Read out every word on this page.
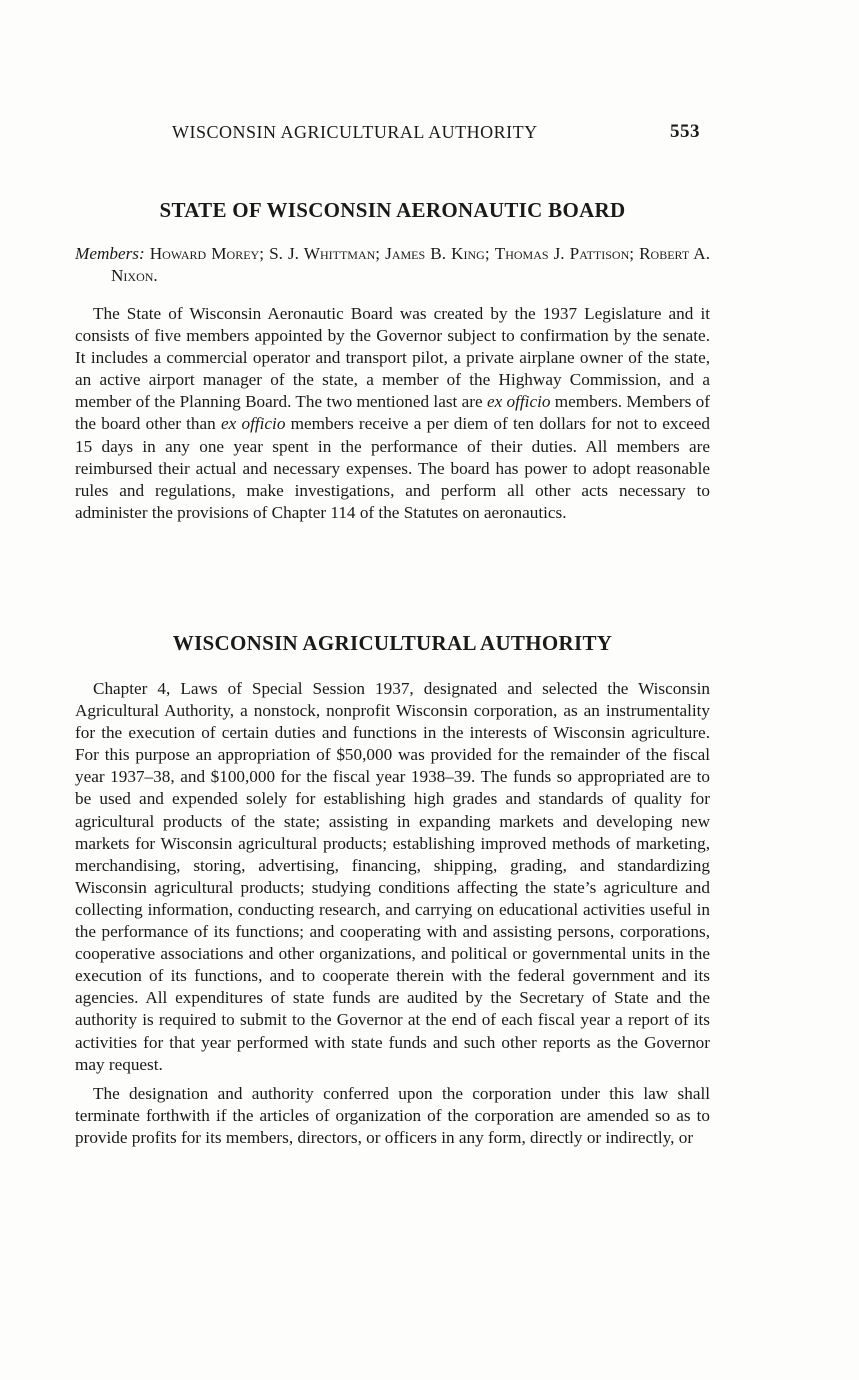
WISCONSIN AGRICULTURAL AUTHORITY	553
STATE OF WISCONSIN AERONAUTIC BOARD
Members: Howard Morey; S. J. Whittman; James B. King; Thomas J. Pattison; Robert A. Nixon.

The State of Wisconsin Aeronautic Board was created by the 1937 Legislature and it consists of five members appointed by the Governor subject to confirmation by the senate. It includes a commercial operator and transport pilot, a private airplane owner of the state, an active airport manager of the state, a member of the Highway Commission, and a member of the Planning Board. The two mentioned last are ex officio members. Members of the board other than ex officio members receive a per diem of ten dollars for not to exceed 15 days in any one year spent in the performance of their duties. All members are reimbursed their actual and necessary expenses. The board has power to adopt reasonable rules and regulations, make investigations, and perform all other acts necessary to administer the provisions of Chapter 114 of the Statutes on aeronautics.

WISCONSIN AGRICULTURAL AUTHORITY

Chapter 4, Laws of Special Session 1937, designated and selected the Wisconsin Agricultural Authority, a nonstock, nonprofit Wisconsin corporation, as an instrumentality for the execution of certain duties and functions in the interests of Wisconsin agriculture. For this purpose an appropriation of $50,000 was provided for the remainder of the fiscal year 1937–38, and $100,000 for the fiscal year 1938–39. The funds so appropriated are to be used and expended solely for establishing high grades and standards of quality for agricultural products of the state; assisting in expanding markets and developing new markets for Wisconsin agricultural products; establishing improved methods of marketing, merchandising, storing, advertising, financing, shipping, grading, and standardizing Wisconsin agricultural products; studying conditions affecting the state’s agriculture and collecting information, conducting research, and carrying on educational activities useful in the performance of its functions; and cooperating with and assisting persons, corporations, cooperative associations and other organizations, and political or governmental units in the execution of its functions, and to cooperate therein with the federal government and its agencies. All expenditures of state funds are audited by the Secretary of State and the authority is required to submit to the Governor at the end of each fiscal year a report of its activities for that year performed with state funds and such other reports as the Governor may request.

The designation and authority conferred upon the corporation under this law shall terminate forthwith if the articles of organization of the corporation are amended so as to provide profits for its members, directors, or officers in any form, directly or indirectly, or
